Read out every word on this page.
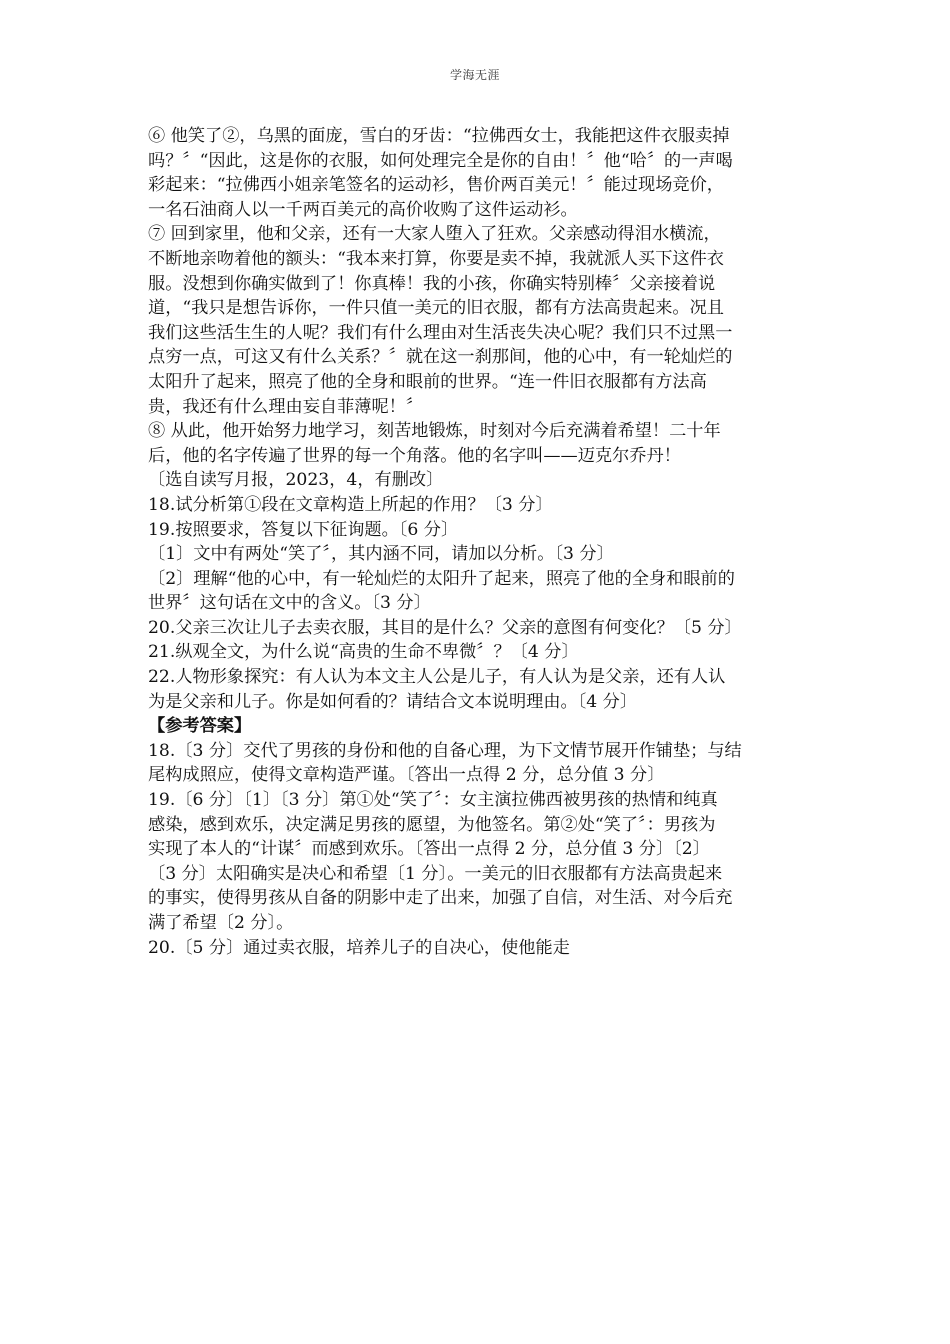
学海无涯
⑥ 他笑了②，乌黑的面庞，雪白的牙齿：“拉佛西女士，我能把这件衣服卖掉
吗？〞“因此，这是你的衣服，如何处理完全是你的自由！〞他“哈〞的一声喝
彩起来：“拉佛西小姐亲笔签名的运动衫，售价两百美元！〞能过现场竞价，
一名石油商人以一千两百美元的高价收购了这件运动衫。
⑦ 回到家里，他和父亲，还有一大家人堕入了狂欢。父亲感动得泪水横流，
不断地亲吻着他的额头：“我本来打算，你要是卖不掉，我就派人买下这件衣
服。没想到你确实做到了！你真棒！我的小孩，你确实特别棒〞父亲接着说
道，“我只是想告诉你，一件只值一美元的旧衣服，都有方法高贵起来。况且
我们这些活生生的人呢？我们有什么理由对生活丧失决心呢？我们只不过黑一
点穷一点，可这又有什么关系？〞就在这一刹那间，他的心中，有一轮灿烂的
太阳升了起来，照亮了他的全身和眼前的世界。“连一件旧衣服都有方法高
贵，我还有什么理由妄自菲薄呢！〞
⑧ 从此，他开始努力地学习，刻苦地锻炼，时刻对今后充满着希望！二十年
后，他的名字传遍了世界的每一个角落。他的名字叫——迈克尔乔丹！
〔选自读写月报，2023，4，有删改〕
18.试分析第①段在文章构造上所起的作用？〔3 分〕
19.按照要求，答复以下征询题。〔6 分〕
〔1〕文中有两处“笑了〞，其内涵不同，请加以分析。〔3 分〕
〔2〕理解“他的心中，有一轮灿烂的太阳升了起来，照亮了他的全身和眼前的
世界〞这句话在文中的含义。〔3 分〕
20.父亲三次让儿子去卖衣服，其目的是什么？父亲的意图有何变化？〔5 分〕
21.纵观全文，为什么说“高贵的生命不卑微〞？〔4 分〕
22.人物形象探究：有人认为本文主人公是儿子，有人认为是父亲，还有人认
为是父亲和儿子。你是如何看的？请结合文本说明理由。〔4 分〕
【参考答案】
18.〔3 分〕交代了男孩的身份和他的自备心理，为下文情节展开作铺垫；与结
尾构成照应，使得文章构造严谨。〔答出一点得 2 分，总分值 3 分〕
19.〔6 分〕〔1〕〔3 分〕第①处“笑了〞：女主演拉佛西被男孩的热情和纯真
感染，感到欢乐，决定满足男孩的愿望，为他签名。第②处“笑了〞：男孩为
实现了本人的“计谋〞而感到欢乐。〔答出一点得 2 分，总分值 3 分〕〔2〕
〔3 分〕太阳确实是决心和希望〔1 分〕。一美元的旧衣服都有方法高贵起来
的事实，使得男孩从自备的阴影中走了出来，加强了自信，对生活、对今后充
满了希望〔2 分〕。
20.〔5 分〕通过卖衣服，培养儿子的自决心，使他能走
